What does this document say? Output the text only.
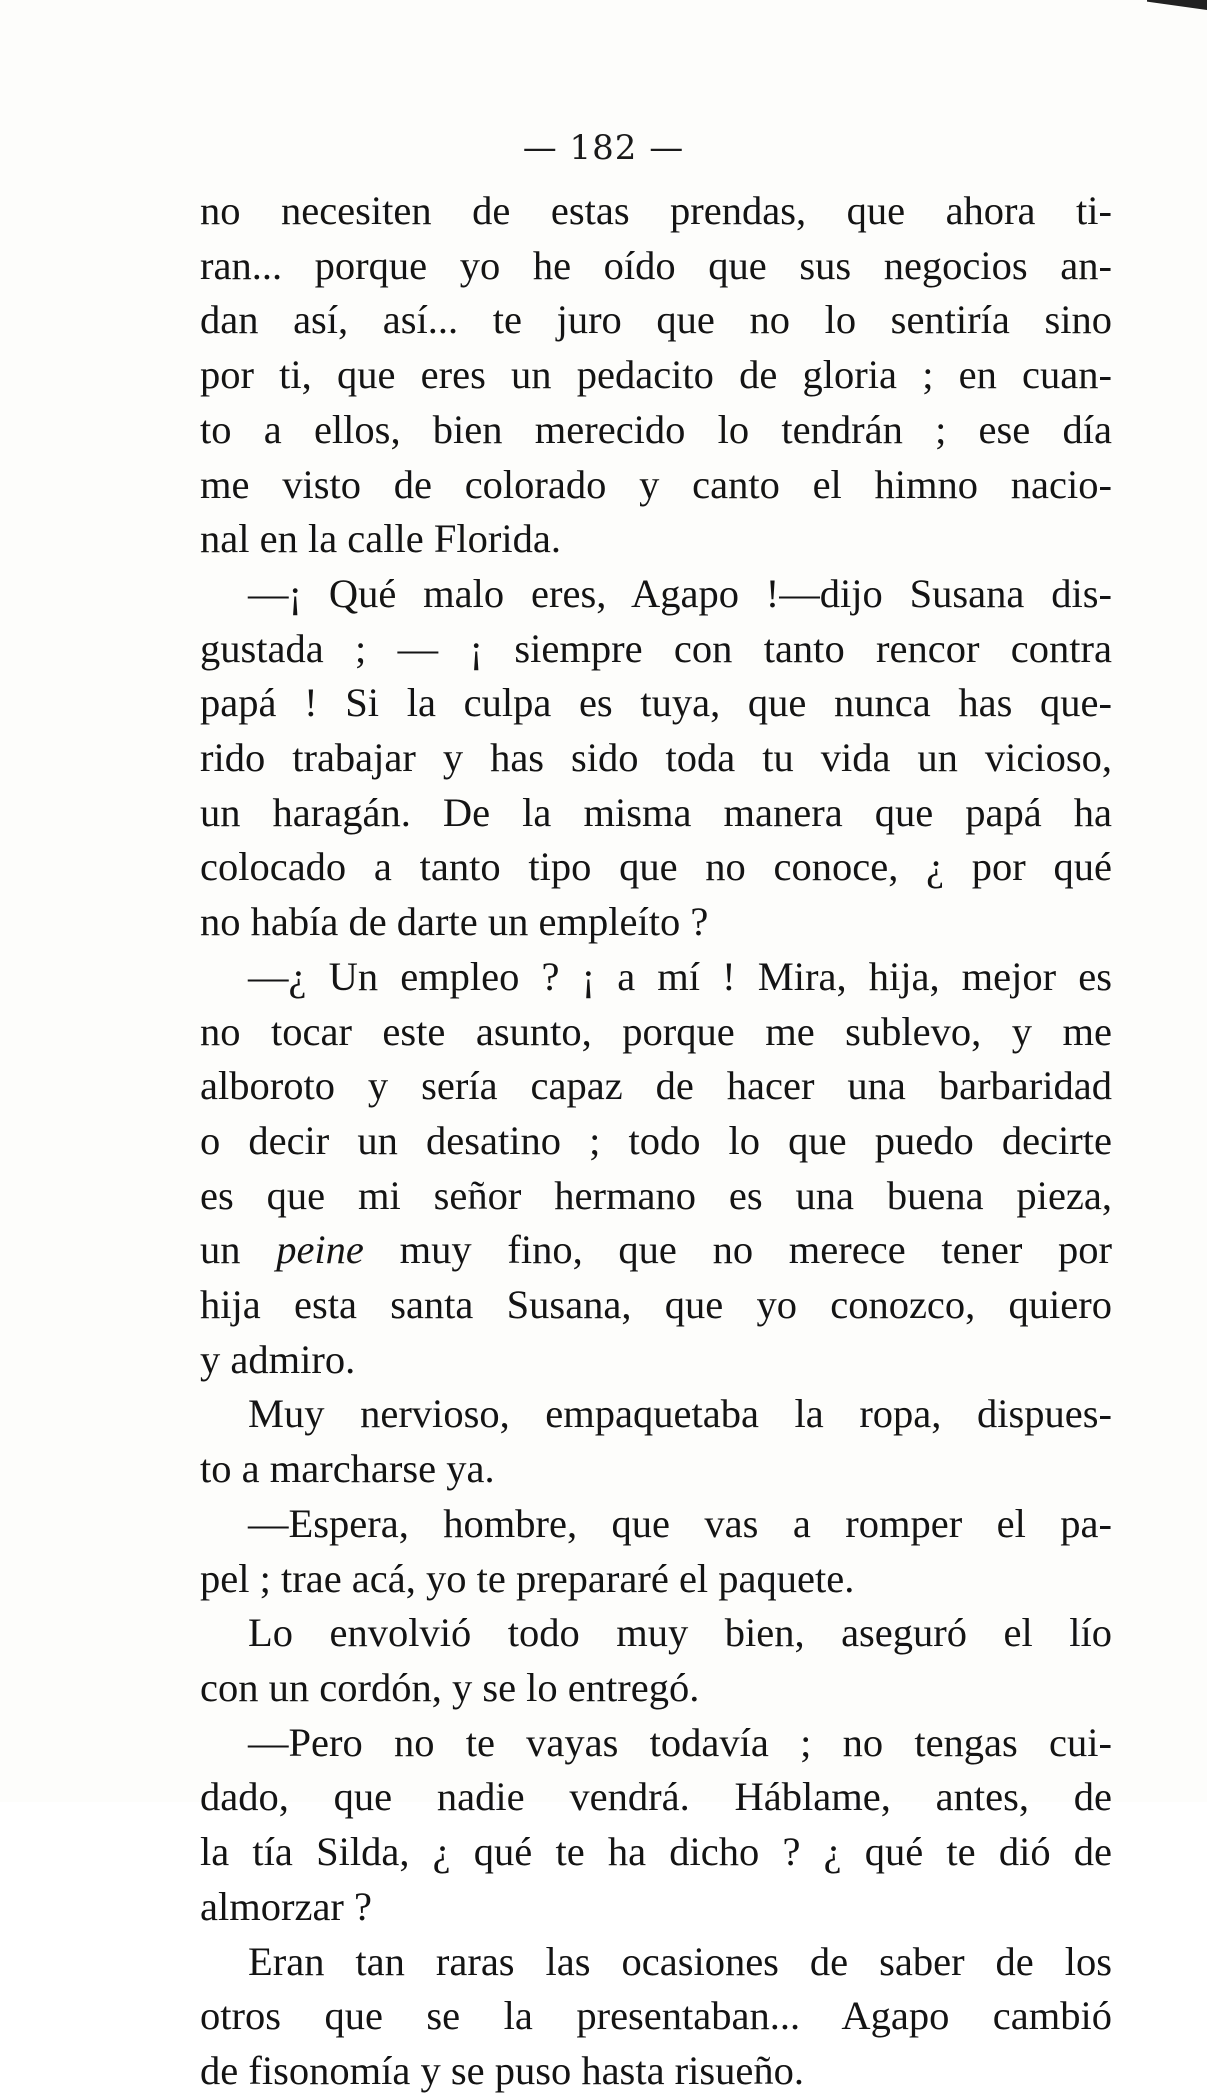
— 182 —
no necesiten de estas prendas, que ahora ti-
ran... porque yo he oído que sus negocios an-
dan así, así... te juro que no lo sentiría sino
por ti, que eres un pedacito de gloria ; en cuan-
to a ellos, bien merecido lo tendrán ; ese día
me visto de colorado y canto el himno nacio-
nal en la calle Florida.
—¡ Qué malo eres, Agapo !—dijo Susana dis-
gustada ; — ¡ siempre con tanto rencor contra
papá ! Si la culpa es tuya, que nunca has que-
rido trabajar y has sido toda tu vida un vicioso,
un haragán. De la misma manera que papá ha
colocado a tanto tipo que no conoce, ¿ por qué
no había de darte un empleíto ?
—¿ Un empleo ? ¡ a mí ! Mira, hija, mejor es
no tocar este asunto, porque me sublevo, y me
alboroto y sería capaz de hacer una barbaridad
o decir un desatino ; todo lo que puedo decirte
es que mi señor hermano es una buena pieza,
un peine muy fino, que no merece tener por
hija esta santa Susana, que yo conozco, quiero
y admiro.
Muy nervioso, empaquetaba la ropa, dispues-
to a marcharse ya.
—Espera, hombre, que vas a romper el pa-
pel ; trae acá, yo te prepararé el paquete.
Lo envolvió todo muy bien, aseguró el lío
con un cordón, y se lo entregó.
—Pero no te vayas todavía ; no tengas cui-
dado, que nadie vendrá. Háblame, antes, de
la tía Silda, ¿ qué te ha dicho ? ¿ qué te dió de
almorzar ?
Eran tan raras las ocasiones de saber de los
otros que se la presentaban... Agapo cambió
de fisonomía y se puso hasta risueño.
